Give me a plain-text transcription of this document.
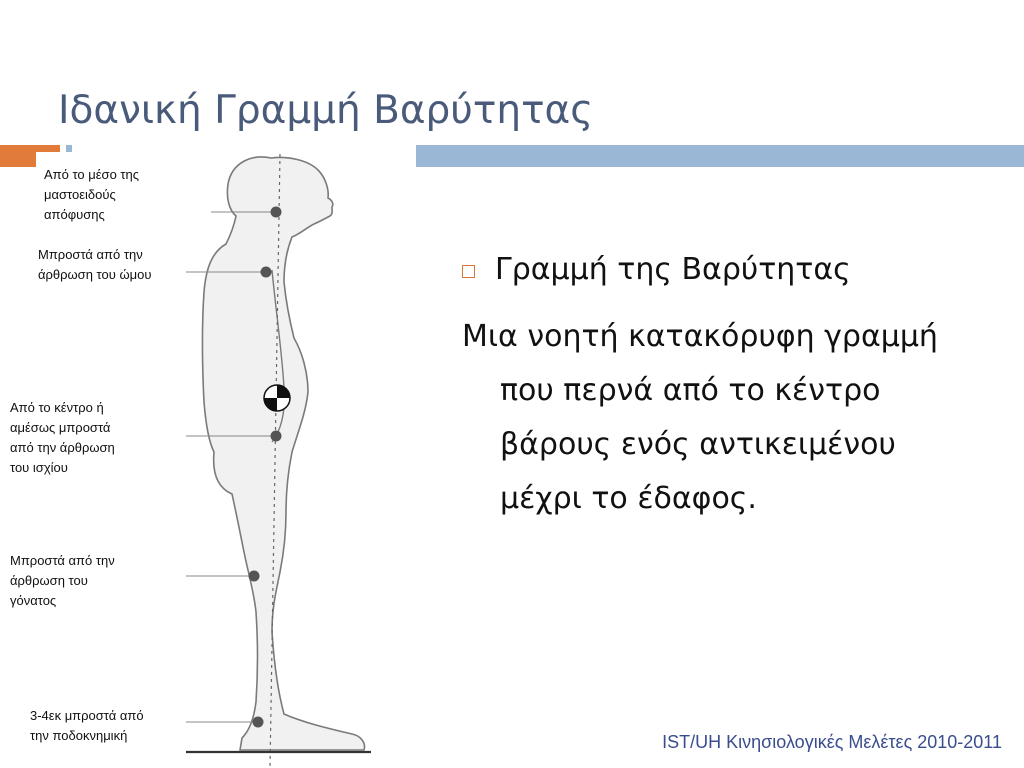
Ιδανική Γραμμή Βαρύτητας
Από το μέσο της
μαστοειδούς
απόφυσης
Μπροστά από την
άρθρωση του ώμου
Από το κέντρο ή
αμέσως μπροστά
από την άρθρωση
του ισχίου
Μπροστά από την
άρθρωση του
γόνατος
3-4εκ μπροστά από
την ποδοκνημική
Γραμμή της Βαρύτητας
Μια νοητή κατακόρυφη γραμμή
που περνά από το κέντρο
βάρους ενός αντικειμένου
μέχρι το έδαφος.
IST/UH Κινησιολογικές Μελέτες 2010-2011
